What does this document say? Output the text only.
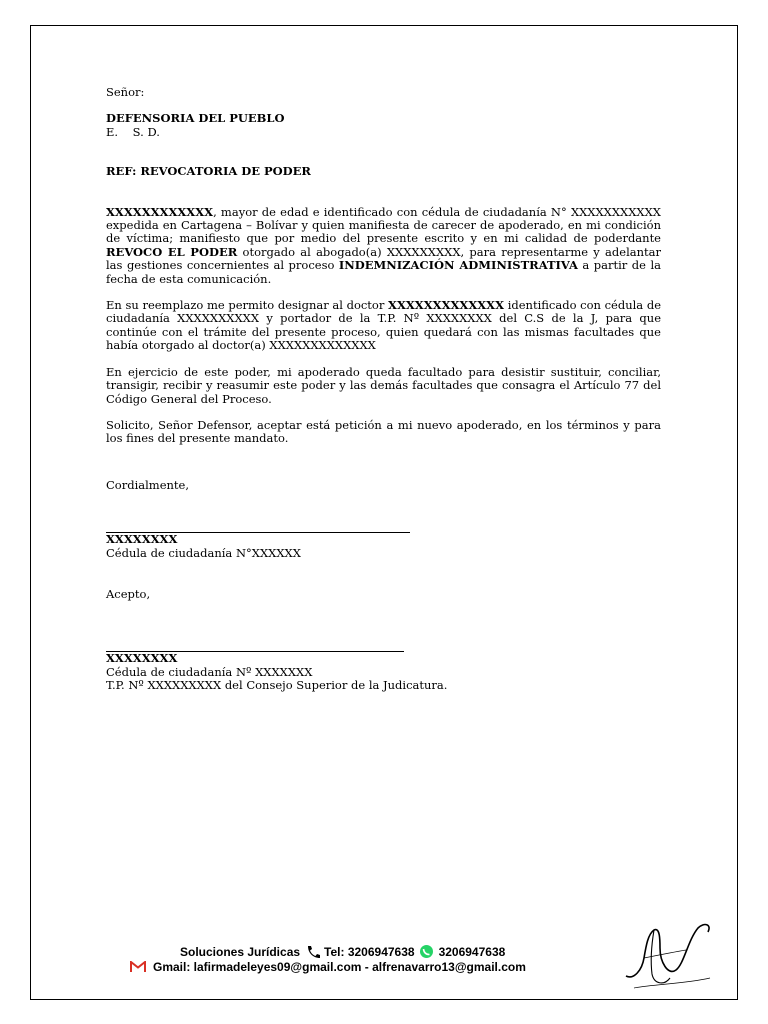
Señor:

DEFENSORIA DEL PUEBLO

E.    S. D.

REF: REVOCATORIA DE PODER

XXXXXXXXXXXX, mayor de edad e identificado con cédula de ciudadanía N° XXXXXXXXXXX expedida en Cartagena – Bolívar y quien manifiesta de carecer de apoderado, en mi condición de víctima; manifiesto que por medio del presente escrito y en mi calidad de poderdante REVOCO EL PODER otorgado al abogado(a) XXXXXXXXX, para representarme y adelantar las gestiones concernientes al proceso INDEMNIZACIÓN ADMINISTRATIVA a partir de la fecha de esta comunicación.

En su reemplazo me permito designar al doctor XXXXXXXXXXXXX identificado con cédula de ciudadanía XXXXXXXXXX y portador de la T.P. Nº XXXXXXXX del C.S de la J, para que continúe con el trámite del presente proceso, quien quedará con las mismas facultades que había otorgado al doctor(a) XXXXXXXXXXXXX

En ejercicio de este poder, mi apoderado queda facultado para desistir sustituir, conciliar, transigir, recibir y reasumir este poder y las demás facultades que consagra el Artículo 77 del Código General del Proceso.

Solicito, Señor Defensor, aceptar está petición a mi nuevo apoderado, en los términos y para los fines del presente mandato.

Cordialmente,

XXXXXXXX

Cédula de ciudadanía N°XXXXXX

Acepto,

XXXXXXXX

Cédula de ciudadanía Nº XXXXXXX

T.P. Nº XXXXXXXXX del Consejo Superior de la Judicatura.

Soluciones Jurídicas Tel: 3206947638 3206947638
Gmail: lafirmadeleyes09@gmail.com - alfrenavarro13@gmail.com
